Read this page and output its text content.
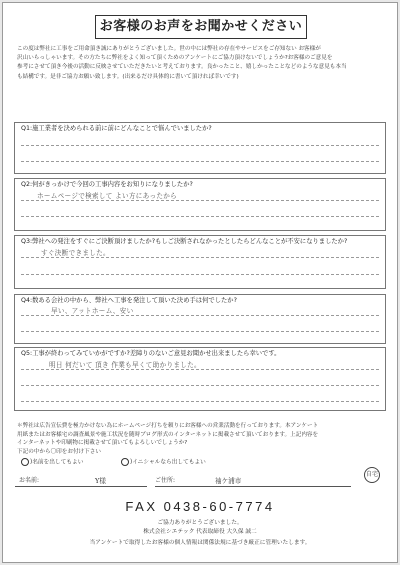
お客様のお声をお聞かせください
この度は弊社に工事をご用命頂き誠にありがとうございました。世の中には弊社の存在やサービスをご存知ない お客様が
沢山いらっしゃいます。その方たちに弊社をよく知って頂くためのアンケートにご協力頂けないでしょうか?お客様のご意見を
参考にさせて頂き今後の活動に反映させていただきたいと考えております。良かったこと、嬉しかったことなどのような意見も本当
も結構です。是非ご協力お願い致します。(出来るだけ具体的に書いて頂ければ幸いです)
Q1:施工業者を決められる前に前にどんなことで悩んでいましたか?
Q2:何がきっかけで今回の工事内容をお知りになりましたか?
ホームページで検索して よい方にあったから
Q3:弊社への発注をすぐにご決断頂けましたか?もしご決断されなかったとしたらどんなことが不安になりましたか?
すぐ決断できました。
Q4:数ある会社の中から、弊社へ工事を発注して頂いた決め手は何でしたか?
早い、アットホーム、安い
Q5:工事が終わってみていかがですか?差障りのないご意見お聞かせ出来ましたら幸いです。
明日 何だいて 頂き 作業も早くて助かりました。
＊弊社は広告宣伝費を極力かけない為にホームページ打ちを頼りにお客様への営業活動を行っております。本アンケート
用紙またはお客様宅の調査風景や施工状況を随時ブログ形式のインターネットに掲載させて頂いております。上記内容を
インターネットや印刷物に掲載させて頂いてもよろしいでしょうか?
下記の中から〇印をお付け下さい
)名前を出してもよい	)イニシャルなら出してもよい
お名前:	Y様	ご住所:	袖ケ浦市
自宅
FAX 0438-60-7774
ご協力ありがとうございました。
株式会社シエテック 代表取締役 大久保 誠二
当アンケートで取得したお客様の個人情報は関係法規に基づき厳正に管理いたします。
